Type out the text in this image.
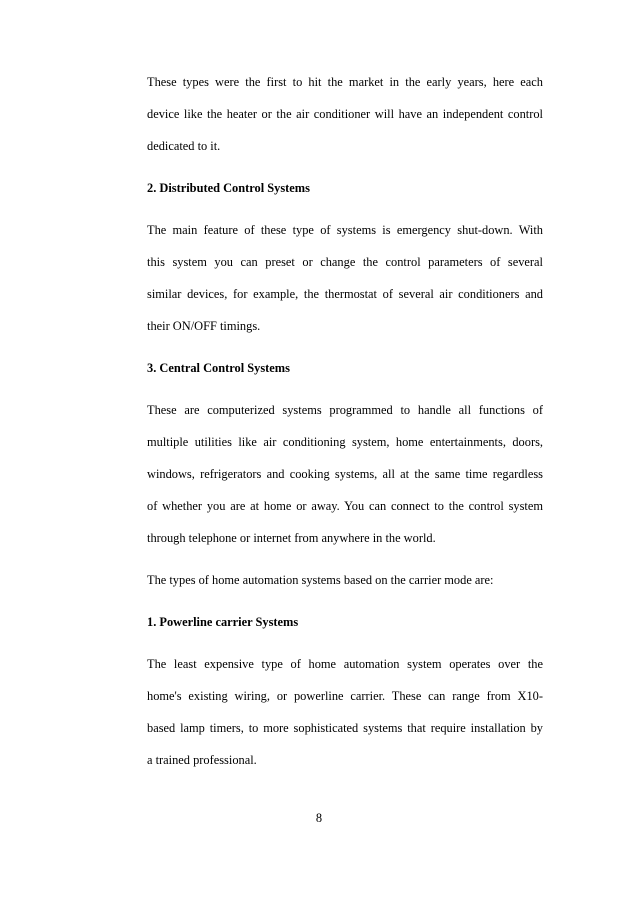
These types were the first to hit the market in the early years, here each
device like the heater or the air conditioner will have an independent control
dedicated to it.
2. Distributed Control Systems
The main feature of these type of systems is emergency shut-down. With
this system you can preset or change the control parameters of several
similar devices, for example, the thermostat of several air conditioners and
their ON/OFF timings.
3. Central Control Systems
These are computerized systems programmed to handle all functions of
multiple utilities like air conditioning system, home entertainments, doors,
windows, refrigerators and cooking systems, all at the same time regardless
of whether you are at home or away. You can connect to the control system
through telephone or internet from anywhere in the world.
The types of home automation systems based on the carrier mode are:
1. Powerline carrier Systems
The least expensive type of home automation system operates over the
home's existing wiring, or powerline carrier. These can range from X10-
based lamp timers, to more sophisticated systems that require installation by
a trained professional.
8
